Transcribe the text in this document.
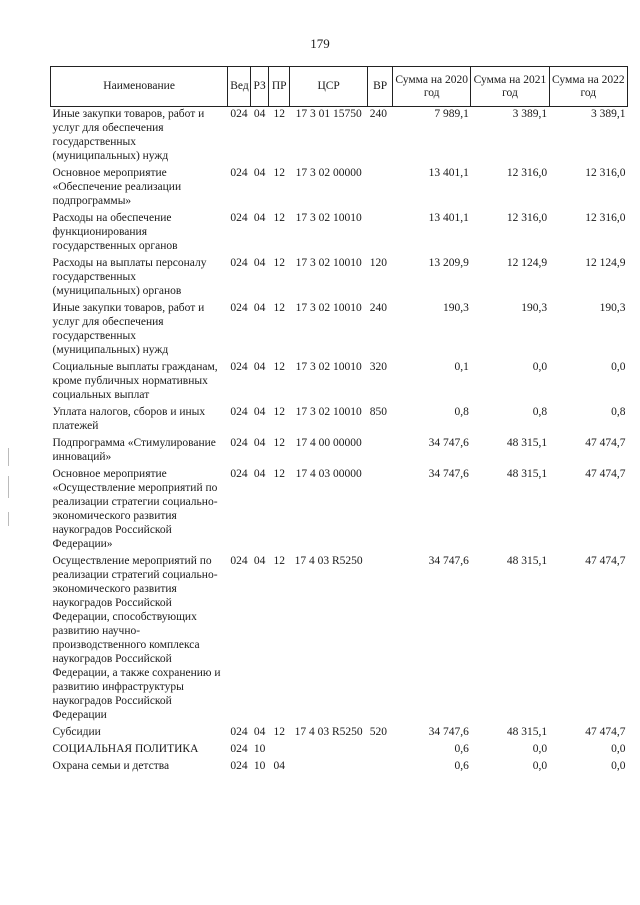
179
Наименование	Вед	РЗ	ПР	ЦСР	ВР	Сумма на 2020 год	Сумма на 2021 год	Сумма на 2022 год
Иные закупки товаров, работ и услуг для обеспечения государственных (муниципальных) нужд	024	04	12	17 3 01 15750	240	7 989,1	3 389,1	3 389,1
Основное мероприятие «Обеспечение реализации подпрограммы»	024	04	12	17 3 02 00000		13 401,1	12 316,0	12 316,0
Расходы на обеспечение функционирования государственных органов	024	04	12	17 3 02 10010		13 401,1	12 316,0	12 316,0
Расходы на выплаты персоналу государственных (муниципальных) органов	024	04	12	17 3 02 10010	120	13 209,9	12 124,9	12 124,9
Иные закупки товаров, работ и услуг для обеспечения государственных (муниципальных) нужд	024	04	12	17 3 02 10010	240	190,3	190,3	190,3
Социальные выплаты гражданам, кроме публичных нормативных социальных выплат	024	04	12	17 3 02 10010	320	0,1	0,0	0,0
Уплата налогов, сборов и иных платежей	024	04	12	17 3 02 10010	850	0,8	0,8	0,8
Подпрограмма «Стимулирование инноваций»	024	04	12	17 4 00 00000		34 747,6	48 315,1	47 474,7
Основное мероприятие «Осуществление мероприятий по реализации стратегии социально-экономического развития наукоградов Российской Федерации»	024	04	12	17 4 03 00000		34 747,6	48 315,1	47 474,7
Осуществление мероприятий по реализации стратегий социально-экономического развития наукоградов Российской Федерации, способствующих развитию научно-производственного комплекса наукоградов Российской Федерации, а также сохранению и развитию инфраструктуры наукоградов Российской Федерации	024	04	12	17 4 03 R5250		34 747,6	48 315,1	47 474,7
Субсидии	024	04	12	17 4 03 R5250	520	34 747,6	48 315,1	47 474,7
СОЦИАЛЬНАЯ ПОЛИТИКА	024	10				0,6	0,0	0,0
Охрана семьи и детства	024	10	04			0,6	0,0	0,0
